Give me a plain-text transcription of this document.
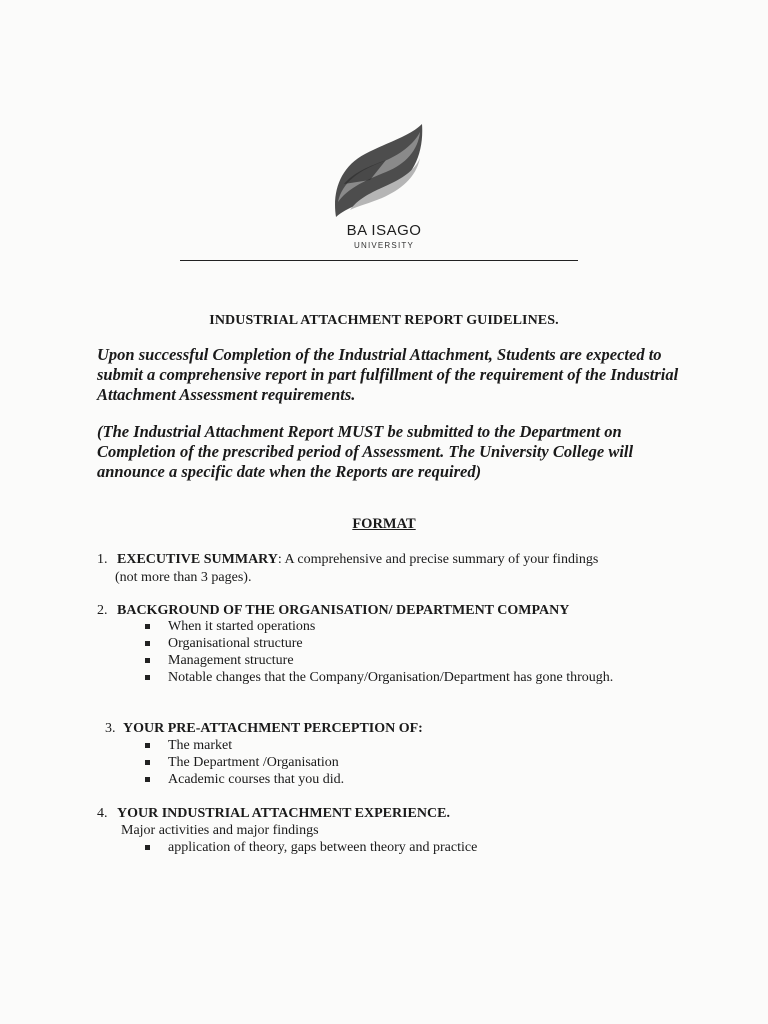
BA ISAGO
UNIVERSITY
INDUSTRIAL ATTACHMENT REPORT GUIDELINES.
Upon successful Completion of the Industrial Attachment, Students are expected to submit a comprehensive report in part fulfillment of the requirement of the Industrial Attachment Assessment requirements.
(The Industrial Attachment Report MUST be submitted to the Department on Completion of the prescribed period of Assessment. The University College will announce a specific date when the Reports are required)
FORMAT
1. EXECUTIVE SUMMARY: A comprehensive and precise summary of your findings
(not more than 3 pages).
2. BACKGROUND OF THE ORGANISATION/ DEPARTMENT COMPANY
When it started operations
Organisational structure
Management structure
Notable changes that the Company/Organisation/Department has gone through.
3. YOUR PRE-ATTACHMENT PERCEPTION OF:
The market
The Department /Organisation
Academic courses that you did.
4. YOUR INDUSTRIAL ATTACHMENT EXPERIENCE.
Major activities and major findings
application of theory, gaps between theory and practice
